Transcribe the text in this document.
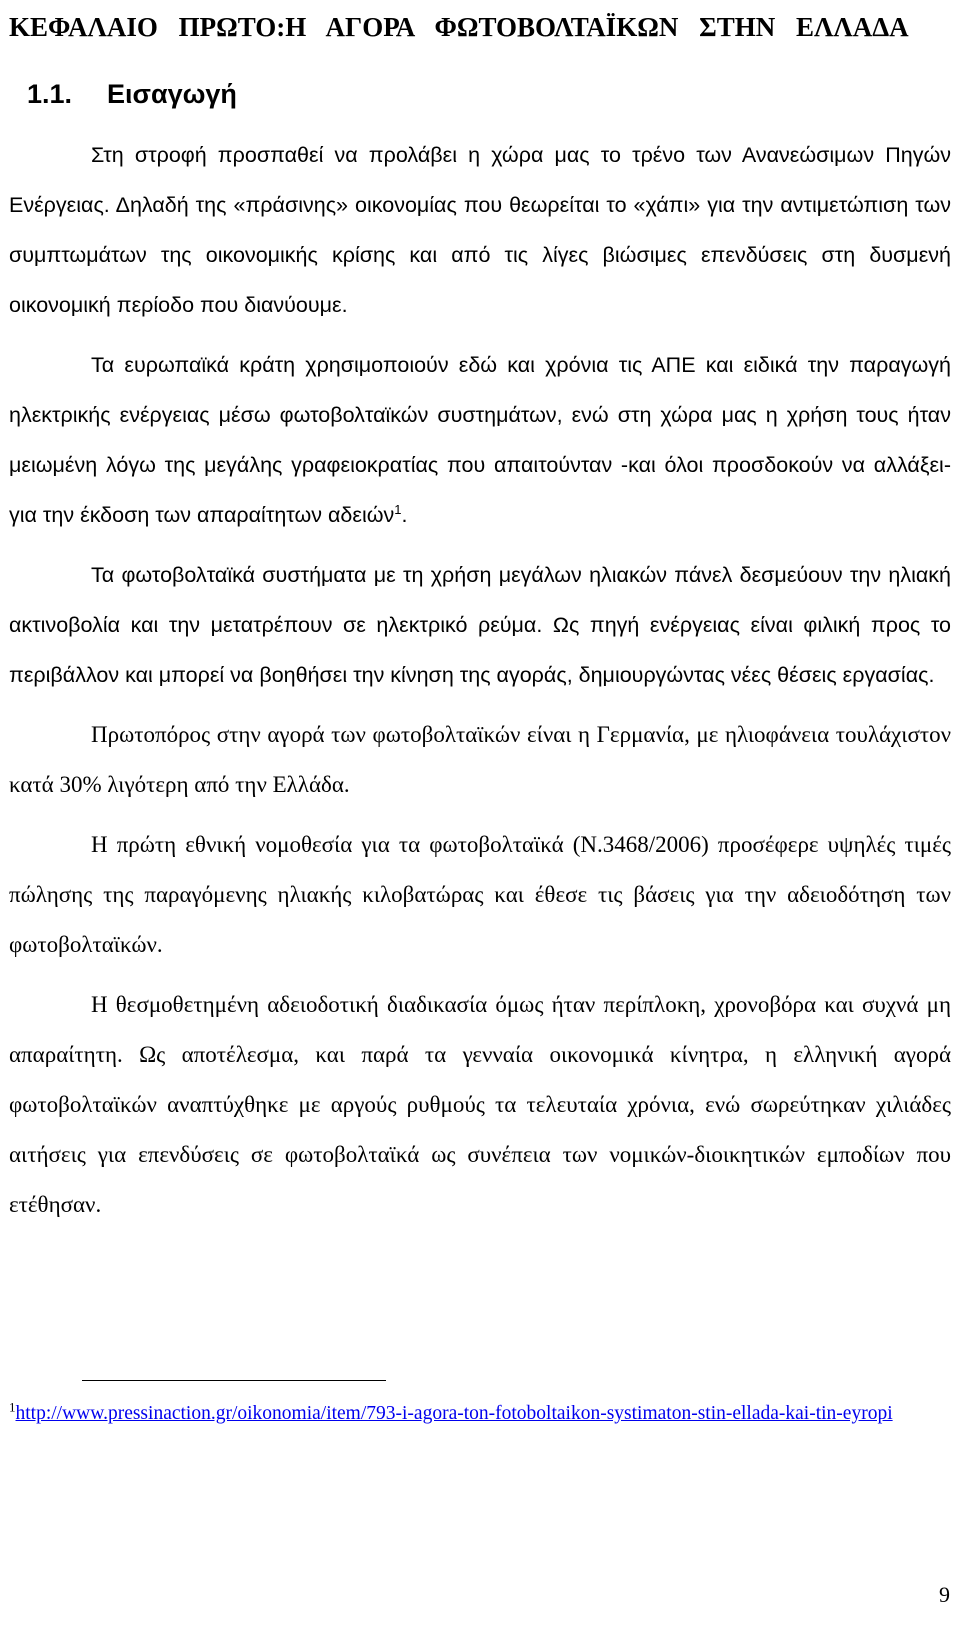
ΚΕΦΑΛΑΙΟ ΠΡΩΤΟ:Η ΑΓΟΡΑ ΦΩΤΟΒΟΛΤΑΪΚΩΝ ΣΤΗΝ ΕΛΛΑΔΑ
1.1. Εισαγωγή

Στη στροφή προσπαθεί να προλάβει η χώρα μας το τρένο των Ανανεώσιμων Πηγών Ενέργειας. Δηλαδή της «πράσινης» οικονομίας που θεωρείται το «χάπι» για την αντιμετώπιση των συμπτωμάτων της οικονομικής κρίσης και από τις λίγες βιώσιμες επενδύσεις στη δυσμενή οικονομική περίοδο που διανύουμε.

Τα ευρωπαϊκά κράτη χρησιμοποιούν εδώ και χρόνια τις ΑΠΕ και ειδικά την παραγωγή ηλεκτρικής ενέργειας μέσω φωτοβολταϊκών συστημάτων, ενώ στη χώρα μας η χρήση τους ήταν μειωμένη λόγω της μεγάλης γραφειοκρατίας που απαιτούνταν -και όλοι προσδοκούν να αλλάξει- για την έκδοση των απαραίτητων αδειών$^1$.

Τα φωτοβολταϊκά συστήματα με τη χρήση μεγάλων ηλιακών πάνελ δεσμεύουν την ηλιακή ακτινοβολία και την μετατρέπουν σε ηλεκτρικό ρεύμα. Ως πηγή ενέργειας είναι φιλική προς το περιβάλλον και μπορεί να βοηθήσει την κίνηση της αγοράς, δημιουργώντας νέες θέσεις εργασίας.

Πρωτοπόρος στην αγορά των φωτοβολταϊκών είναι η Γερμανία, με ηλιοφάνεια τουλάχιστον κατά 30% λιγότερη από την Ελλάδα.

Η πρώτη εθνική νομοθεσία για τα φωτοβολταϊκά (Ν.3468/2006) προσέφερε υψηλές τιμές πώλησης της παραγόμενης ηλιακής κιλοβατώρας και έθεσε τις βάσεις για την αδειοδότηση των φωτοβολταϊκών.

Η θεσμοθετημένη αδειοδοτική διαδικασία όμως ήταν περίπλοκη, χρονοβόρα και συχνά μη απαραίτητη. Ως αποτέλεσμα, και παρά τα γενναία οικονομικά κίνητρα, η ελληνική αγορά φωτοβολταϊκών αναπτύχθηκε με αργούς ρυθμούς τα τελευταία χρόνια, ενώ σωρεύτηκαν χιλιάδες αιτήσεις για επενδύσεις σε φωτοβολταϊκά ως συνέπεια των νομικών-διοικητικών εμποδίων που ετέθησαν.

$^1$http://www.pressinaction.gr/oikonomia/item/793-i-agora-ton-fotoboltaikon-systimaton-stin-ellada-kai-tin-eyropi
9
